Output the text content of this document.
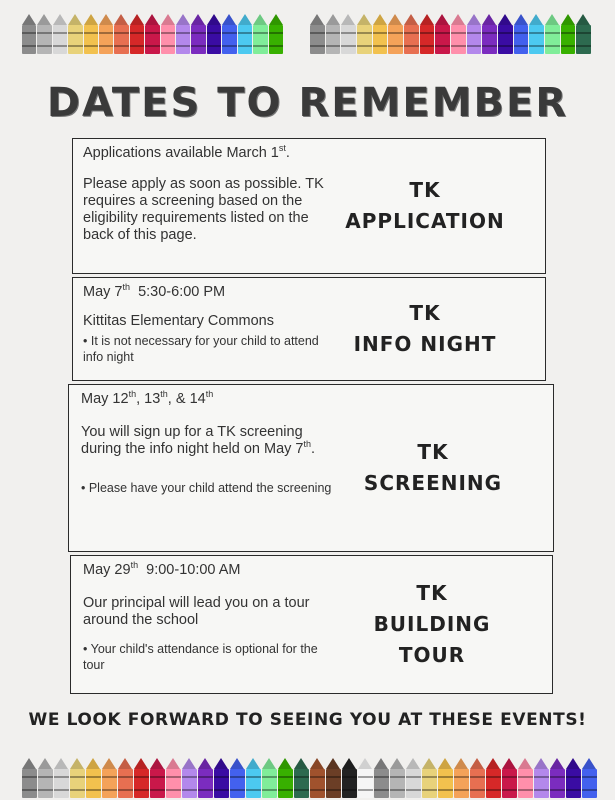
DATES TO REMEMBER
Applications available March 1st.
Please apply as soon as possible. TK requires a screening based on the eligibility requirements listed on the back of this page.
TK
APPLICATION
May 7th 5:30-6:00 PM
Kittitas Elementary Commons
• It is not necessary for your child to attend info night
TK
INFO NIGHT
May 12th, 13th, & 14th
You will sign up for a TK screening during the info night held on May 7th.
• Please have your child attend the screening
TK
SCREENING
May 29th 9:00-10:00 AM
Our principal will lead you on a tour around the school
• Your child's attendance is optional for the tour
TK
BUILDING
TOUR
WE LOOK FORWARD TO SEEING YOU AT THESE EVENTS!
